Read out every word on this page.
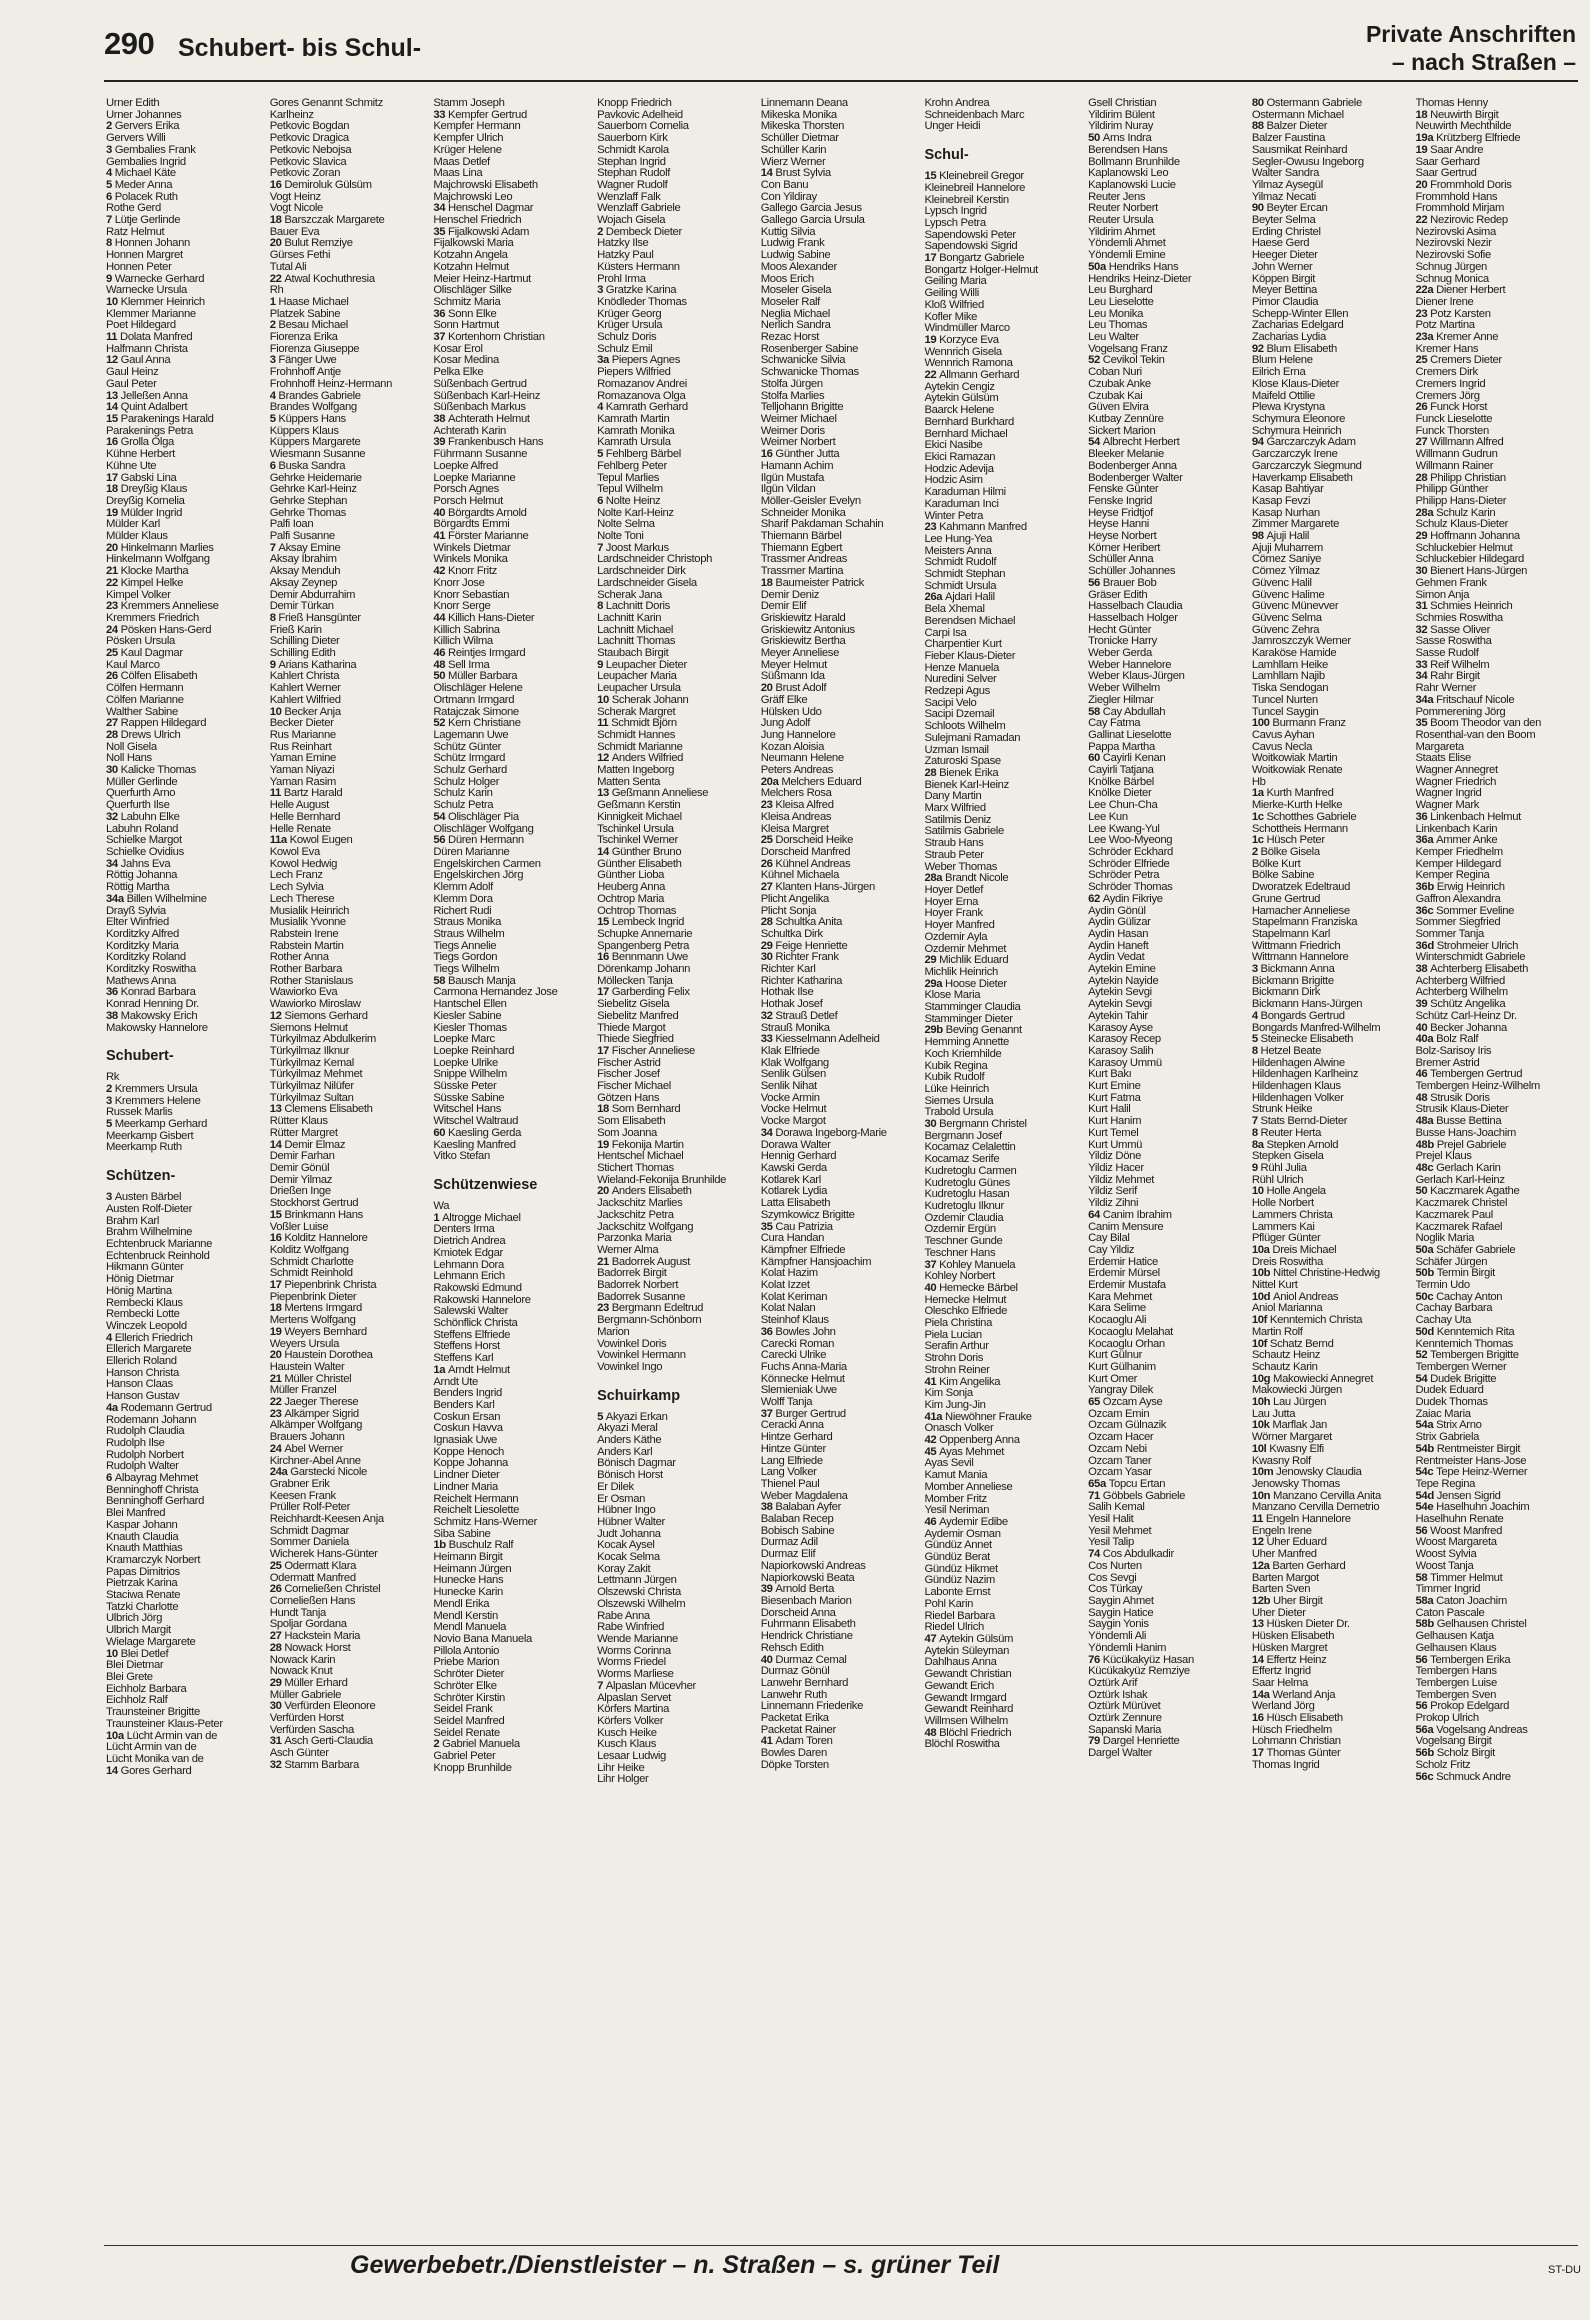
290 Schubert- bis Schul-	Private Anschriften
– nach Straßen –
Urner Edith
Urner Johannes
2 Gervers Erika
Gervers Willi
3 Gembalies Frank
Gembalies Ingrid
4 Michael Käte
5 Meder Anna
6 Polacek Ruth
Rothe Gerd
7 Lütje Gerlinde
Ratz Helmut
8 Honnen Johann
Honnen Margret
Honnen Peter
9 Warnecke Gerhard
Warnecke Ursula
10 Klemmer Heinrich
Klemmer Marianne
Poet Hildegard
11 Dolata Manfred
Halfmann Christa
12 Gaul Anna
Gaul Heinz
Gaul Peter
13 Jelleßen Anna
14 Quint Adalbert
15 Parakenings Harald
Parakenings Petra
16 Grolla Olga
Kühne Herbert
Kühne Ute
17 Gabski Lina
18 Dreyßig Klaus
Dreyßig Kornelia
19 Mülder Ingrid
Mülder Karl
Mülder Klaus
20 Hinkelmann Marlies
Hinkelmann Wolfgang
21 Klocke Martha
22 Kimpel Helke
Kimpel Volker
23 Kremmers Anneliese
Kremmers Friedrich
24 Pösken Hans-Gerd
Pösken Ursula
25 Kaul Dagmar
Kaul Marco
26 Cölfen Elisabeth
Cölfen Hermann
Cölfen Marianne
Walther Sabine
27 Rappen Hildegard
28 Drews Ulrich
Noll Gisela
Noll Hans
30 Kalicke Thomas
Müller Gerlinde
Querfurth Arno
Querfurth Ilse
32 Labuhn Elke
Labuhn Roland
Schielke Margot
Schielke Ovidius
34 Jahns Eva
Röttig Johanna
Röttig Martha
34a Billen Wilhelmine
Drayß Sylvia
Elter Winfried
Korditzky Alfred
Korditzky Maria
Korditzky Roland
Korditzky Roswitha
Mathews Anna
36 Konrad Barbara
Konrad Henning Dr.
38 Makowsky Erich
Makowsky Hannelore
Schubert-
Rk
2 Kremmers Ursula
3 Kremmers Helene
Russek Marlis
5 Meerkamp Gerhard
Meerkamp Gisbert
Meerkamp Ruth
Schützen-
3 Austen Bärbel
Austen Rolf-Dieter
Brahm Karl
Brahm Wilhelmine
Echtenbruck Marianne
Echtenbruck Reinhold
Hikmann Günter
Hönig Dietmar
Hönig Martina
Rembecki Klaus
Rembecki Lotte
Winczek Leopold
4 Ellerich Friedrich
Ellerich Margarete
Ellerich Roland
Hanson Christa
Hanson Claas
Hanson Gustav
4a Rodemann Gertrud
Rodemann Johann
Rudolph Claudia
Rudolph Ilse
Rudolph Norbert
Rudolph Walter
6 Albayrag Mehmet
Benninghoff Christa
Benninghoff Gerhard
Blei Manfred
Kaspar Johann
Knauth Claudia
Knauth Matthias
Kramarczyk Norbert
Papas Dimitrios
Pietrzak Karina
Staciwa Renate
Tatzki Charlotte
Ulbrich Jörg
Ulbrich Margit
Wielage Margarete
10 Blei Detlef
Blei Dietmar
Blei Grete
Eichholz Barbara
Eichholz Ralf
Traunsteiner Brigitte
Traunsteiner Klaus-Peter
10a Lücht Armin van de
Lücht Armin van de
Lücht Monika van de
14 Gores Gerhard
Gores Genannt Schmitz
Karlheinz
Petkovic Bogdan
Petkovic Dragica
Petkovic Nebojsa
Petkovic Slavica
Petkovic Zoran
16 Demiroluk Gülsüm
Vogt Heinz
Vogt Nicole
18 Barszczak Margarete
Bauer Eva
20 Bulut Remziye
Gürses Fethi
Tutal Ali
22 Atwal Kochuthresia
Rh
1 Haase Michael
Platzek Sabine
2 Besau Michael
Fiorenza Erika
Fiorenza Giuseppe
3 Fänger Uwe
Frohnhoff Antje
Frohnhoff Heinz-Hermann
4 Brandes Gabriele
Brandes Wolfgang
5 Küppers Hans
Küppers Klaus
Küppers Margarete
Wiesmann Susanne
6 Buska Sandra
Gehrke Heidemarie
Gehrke Karl-Heinz
Gehrke Stephan
Gehrke Thomas
Palfi Ioan
Palfi Susanne
7 Aksay Emine
Aksay Ibrahim
Aksay Menduh
Aksay Zeynep
Demir Abdurrahim
Demir Türkan
8 Frieß Hansgünter
Frieß Karin
Schilling Dieter
Schilling Edith
9 Arians Katharina
Kahlert Christa
Kahlert Werner
Kahlert Wilfried
10 Becker Anja
Becker Dieter
Rus Marianne
Rus Reinhart
Yaman Emine
Yaman Niyazi
Yaman Rasim
11 Bartz Harald
Helle August
Helle Bernhard
Helle Renate
11a Kowol Eugen
Kowol Eva
Kowol Hedwig
Lech Franz
Lech Sylvia
Lech Therese
Musialik Heinrich
Musialik Yvonne
Rabstein Irene
Rabstein Martin
Rother Anna
Rother Barbara
Rother Stanislaus
Wawiorko Eva
Wawiorko Miroslaw
12 Siemons Gerhard
Siemons Helmut
Türkyilmaz Abdulkerim
Türkyilmaz Ilknur
Türkyilmaz Kemal
Türkyilmaz Mehmet
Türkyilmaz Nilüfer
Türkyilmaz Sultan
13 Clemens Elisabeth
Rütter Klaus
Rütter Margret
14 Demir Elmaz
Demir Farhan
Demir Gönül
Demir Yilmaz
Drießen Inge
Stockhorst Gertrud
15 Brinkmann Hans
Voßler Luise
16 Kolditz Hannelore
Kolditz Wolfgang
Schmidt Charlotte
Schmidt Reinhold
17 Piepenbrink Christa
Piepenbrink Dieter
18 Mertens Irmgard
Mertens Wolfgang
19 Weyers Bernhard
Weyers Ursula
20 Haustein Dorothea
Haustein Walter
21 Müller Christel
Müller Franzel
22 Jaeger Therese
23 Alkämper Sigrid
Alkämper Wolfgang
Brauers Johann
24 Abel Werner
Kirchner-Abel Anne
24a Garstecki Nicole
Grabner Erik
Keesen Frank
Prüller Rolf-Peter
Reichhardt-Keesen Anja
Schmidt Dagmar
Sommer Daniela
Wicherek Hans-Günter
25 Odermatt Klara
Odermatt Manfred
26 Corneließen Christel
Corneließen Hans
Hundt Tanja
Spoljar Gordana
27 Hackstein Maria
28 Nowack Horst
Nowack Karin
Nowack Knut
29 Müller Erhard
Müller Gabriele
30 Verfürden Eleonore
Verfürden Horst
Verfürden Sascha
31 Asch Gerti-Claudia
Asch Günter
32 Stamm Barbara
Stamm Joseph
33 Kempfer Gertrud
Kempfer Hermann
Kempfer Ulrich
Krüger Helene
Maas Detlef
Maas Lina
Majchrowski Elisabeth
Majchrowski Leo
34 Henschel Dagmar
Henschel Friedrich
35 Fijalkowski Adam
Fijalkowski Maria
Kotzahn Angela
Kotzahn Helmut
Meier Heinz-Hartmut
Olischläger Silke
Schmitz Maria
36 Sonn Elke
Sonn Hartmut
37 Kortenhorn Christian
Kosar Erol
Kosar Medina
Pelka Elke
Süßenbach Gertrud
Süßenbach Karl-Heinz
Süßenbach Markus
38 Achterath Helmut
Achterath Karin
39 Frankenbusch Hans
Führmann Susanne
Loepke Alfred
Loepke Marianne
Porsch Agnes
Porsch Helmut
40 Börgardts Arnold
Börgardts Emmi
41 Förster Marianne
Winkels Dietmar
Winkels Monika
42 Knorr Fritz
Knorr Jose
Knorr Sebastian
Knorr Serge
44 Killich Hans-Dieter
Killich Sabrina
Killich Wilma
46 Reintjes Irmgard
48 Sell Irma
50 Müller Barbara
Olischläger Helene
Ortmann Irmgard
Ratajczak Simone
52 Kern Christiane
Lagemann Uwe
Schütz Günter
Schütz Irmgard
Schulz Gerhard
Schulz Holger
Schulz Karin
Schulz Petra
54 Olischläger Pia
Olischläger Wolfgang
56 Düren Hermann
Düren Marianne
Engelskirchen Carmen
Engelskirchen Jörg
Klemm Adolf
Klemm Dora
Richert Rudi
Straus Monika
Straus Wilhelm
Tiegs Annelie
Tiegs Gordon
Tiegs Wilhelm
58 Bausch Manja
Carmona Hernandez Jose
Hantschel Ellen
Kiesler Sabine
Kiesler Thomas
Loepke Marc
Loepke Reinhard
Loepke Ulrike
Snippe Wilhelm
Süsske Peter
Süsske Sabine
Witschel Hans
Witschel Waltraud
60 Kaesling Gerda
Kaesling Manfred
Vitko Stefan
Schützenwiese
Wa
1 Altrogge Michael
Denters Irma
Dietrich Andrea
Kmiotek Edgar
Lehmann Dora
Lehmann Erich
Rakowski Edmund
Rakowski Hannelore
Salewski Walter
Schönflick Christa
Steffens Elfriede
Steffens Horst
Steffens Karl
1a Arndt Helmut
Arndt Ute
Benders Ingrid
Benders Karl
Coskun Ersan
Coskun Havva
Ignasiak Uwe
Koppe Henoch
Koppe Johanna
Lindner Dieter
Lindner Maria
Reichelt Hermann
Reichelt Liesolette
Schmitz Hans-Werner
Siba Sabine
1b Buschulz Ralf
Heimann Birgit
Heimann Jürgen
Hunecke Hans
Hunecke Karin
Mendl Erika
Mendl Kerstin
Mendl Manuela
Novio Bana Manuela
Pillola Antonio
Priebe Marion
Schröter Dieter
Schröter Elke
Schröter Kirstin
Seidel Frank
Seidel Manfred
Seidel Renate
2 Gabriel Manuela
Gabriel Peter
Knopp Brunhilde
Knopp Friedrich
Pavkovic Adelheid
Sauerborn Cornelia
Sauerborn Kirk
Schmidt Karola
Stephan Ingrid
Stephan Rudolf
Wagner Rudolf
Wenzlaff Falk
Wenzlaff Gabriele
Wojach Gisela
2 Dembeck Dieter
Hatzky Ilse
Hatzky Paul
Küsters Hermann
Prohl Irma
3 Gratzke Karina
Knödleder Thomas
Krüger Georg
Krüger Ursula
Schulz Doris
Schulz Emil
3a Piepers Agnes
Piepers Wilfried
Romazanov Andrei
Romazanova Olga
4 Kamrath Gerhard
Kamrath Martin
Kamrath Monika
Kamrath Ursula
5 Fehlberg Bärbel
Fehlberg Peter
Tepul Marlies
Tepul Wilhelm
6 Nolte Heinz
Nolte Karl-Heinz
Nolte Selma
Nolte Toni
7 Joost Markus
Lardschneider Christoph
Lardschneider Dirk
Lardschneider Gisela
Scherak Jana
8 Lachnitt Doris
Lachnitt Karin
Lachnitt Michael
Lachnitt Thomas
Staubach Birgit
9 Leupacher Dieter
Leupacher Maria
Leupacher Ursula
10 Scherak Johann
Scherak Margret
11 Schmidt Björn
Schmidt Hannes
Schmidt Marianne
12 Anders Wilfried
Matten Ingeborg
Matten Senta
13 Geßmann Anneliese
Geßmann Kerstin
Kinnigkeit Michael
Tschinkel Ursula
Tschinkel Werner
14 Günther Bruno
Günther Elisabeth
Günther Lioba
Heuberg Anna
Ochtrop Maria
Ochtrop Thomas
15 Lembeck Ingrid
Schupke Annemarie
Spangenberg Petra
16 Bennmann Uwe
Dörenkamp Johann
Möllecken Tanja
17 Garberding Felix
Siebelitz Gisela
Siebelitz Manfred
Thiede Margot
Thiede Siegfried
17 Fischer Anneliese
Fischer Astrid
Fischer Josef
Fischer Michael
Götzen Hans
18 Som Bernhard
Som Elisabeth
Som Joanna
19 Fekonija Martin
Hentschel Michael
Stichert Thomas
Wieland-Fekonija Brunhilde
20 Anders Elisabeth
Jackschitz Marlies
Jackschitz Petra
Jackschitz Wolfgang
Parzonka Maria
Werner Alma
21 Badorrek August
Badorrek Birgit
Badorrek Norbert
Badorrek Susanne
23 Bergmann Edeltrud
Bergmann-Schönborn
Marion
Vowinkel Doris
Vowinkel Hermann
Vowinkel Ingo
Schuirkamp
5 Akyazi Erkan
Akyazi Meral
Anders Käthe
Anders Karl
Bönisch Dagmar
Bönisch Horst
Er Dilek
Er Osman
Hübner Ingo
Hübner Walter
Judt Johanna
Kocak Aysel
Kocak Selma
Koray Zakit
Lettmann Jürgen
Olszewski Christa
Olszewski Wilhelm
Rabe Anna
Rabe Winfried
Wende Marianne
Worms Corinna
Worms Friedel
Worms Marliese
7 Alpaslan Mücevher
Alpaslan Servet
Körfers Martina
Körfers Volker
Kusch Heike
Kusch Klaus
Lesaar Ludwig
Lihr Heike
Lihr Holger
Linnemann Deana
Mikeska Monika
Mikeska Thorsten
Schüller Dietmar
Schüller Karin
Wierz Werner
14 Brust Sylvia
Con Banu
Con Yildiray
Gallego Garcia Jesus
Gallego Garcia Ursula
Kuttig Silvia
Ludwig Frank
Ludwig Sabine
Moos Alexander
Moos Erich
Moseler Gisela
Moseler Ralf
Neglia Michael
Nerlich Sandra
Rezac Horst
Rosenberger Sabine
Schwanicke Silvia
Schwanicke Thomas
Stolfa Jürgen
Stolfa Marlies
Telljohann Brigitte
Weimer Michael
Weimer Doris
Weimer Norbert
16 Günther Jutta
Hamann Achim
Ilgün Mustafa
Ilgün Vildan
Möller-Geisler Evelyn
Schneider Monika
Sharif Pakdaman Schahin
Thiemann Bärbel
Thiemann Egbert
Trassmer Andreas
Trassmer Martina
18 Baumeister Patrick
Demir Deniz
Demir Elif
Griskiewitz Harald
Griskiewitz Antonius
Griskiewitz Bertha
Meyer Anneliese
Meyer Helmut
Süßmann Ida
20 Brust Adolf
Gräff Elke
Hülsken Udo
Jung Adolf
Jung Hannelore
Kozan Aloisia
Neumann Helene
Peters Andreas
20a Melchers Eduard
Melchers Rosa
23 Kleisa Alfred
Kleisa Andreas
Kleisa Margret
25 Dorscheid Heike
Dorscheid Manfred
26 Kühnel Andreas
Kühnel Michaela
27 Klanten Hans-Jürgen
Plicht Angelika
Plicht Sonja
28 Schultka Anita
Schultka Dirk
29 Feige Henriette
30 Richter Frank
Richter Karl
Richter Katharina
Hothak Ilse
Hothak Josef
32 Strauß Detlef
Strauß Monika
33 Kiesselmann Adelheid
Klak Elfriede
Klak Wolfgang
Senlik Gülsen
Senlik Nihat
Vocke Armin
Vocke Helmut
Vocke Margot
34 Dorawa Ingeborg-Marie
Dorawa Walter
Hennig Gerhard
Kawski Gerda
Kotlarek Karl
Kotlarek Lydia
Latta Elisabeth
Szymkowicz Brigitte
35 Cau Patrizia
Cura Handan
Kämpfner Elfriede
Kämpfner Hansjoachim
Kolat Hazim
Kolat Izzet
Kolat Keriman
Kolat Nalan
Steinhof Klaus
36 Bowles John
Carecki Roman
Carecki Ulrike
Fuchs Anna-Maria
Könnecke Helmut
Slemieniak Uwe
Wolff Tanja
37 Burger Gertrud
Ceracki Anna
Hintze Gerhard
Hintze Günter
Lang Elfriede
Lang Volker
Thienel Paul
Weber Magdalena
38 Balaban Ayfer
Balaban Recep
Bobisch Sabine
Durmaz Adil
Durmaz Elif
Napiorkowski Andreas
Napiorkowski Beata
39 Arnold Berta
Biesenbach Marion
Dorscheid Anna
Fuhrmann Elisabeth
Hendrick Christiane
Rehsch Edith
40 Durmaz Cemal
Durmaz Gönül
Lanwehr Bernhard
Lanwehr Ruth
Linnemann Friederike
Packetat Erika
Packetat Rainer
41 Adam Toren
Bowles Daren
Döpke Torsten
Krohn Andrea
Schneidenbach Marc
Unger Heidi
Schul-
15 Kleinebreil Gregor
Kleinebreil Hannelore
Kleinebreil Kerstin
Lypsch Ingrid
Lypsch Petra
Sapendowski Peter
Sapendowski Sigrid
17 Bongartz Gabriele
Bongartz Holger-Helmut
Geiling Maria
Geiling Willi
Kloß Wilfried
Kofler Mike
Windmüller Marco
19 Korzyce Eva
Wennrich Gisela
Wennrich Ramona
22 Allmann Gerhard
Aytekin Cengiz
Aytekin Gülsüm
Baarck Helene
Bernhard Burkhard
Bernhard Michael
Ekici Nasibe
Ekici Ramazan
Hodzic Adevija
Hodzic Asim
Karaduman Hilmi
Karaduman Inci
Winter Petra
23 Kahmann Manfred
Lee Hung-Yea
Meisters Anna
Schmidt Rudolf
Schmidt Stephan
Schmidt Ursula
26a Ajdari Halil
Bela Xhemal
Berendsen Michael
Carpi Isa
Charpentier Kurt
Fieber Klaus-Dieter
Henze Manuela
Nuredini Selver
Redzepi Agus
Sacipi Velo
Sacipi Dzemail
Schloots Wilhelm
Sulejmani Ramadan
Uzman Ismail
Zaturoski Spase
28 Bienek Erika
Bienek Karl-Heinz
Dany Martin
Marx Wilfried
Satilmis Deniz
Satilmis Gabriele
Straub Hans
Straub Peter
Weber Thomas
28a Brandt Nicole
Hoyer Detlef
Hoyer Erna
Hoyer Frank
Hoyer Manfred
Özdemir Ayla
Özdemir Mehmet
29 Michlik Eduard
Michlik Heinrich
29a Hoose Dieter
Klose Maria
Stamminger Claudia
Stamminger Dieter
29b Beving Genannt
Hemming Annette
Koch Kriemhilde
Kubik Regina
Kubik Rudolf
Lüke Heinrich
Siemes Ursula
Trabold Ursula
30 Bergmann Christel
Bergmann Josef
Kocamaz Celalettin
Kocamaz Serife
Kudretoglu Carmen
Kudretoglu Günes
Kudretoglu Hasan
Kudretoglu Ilknur
Özdemir Claudia
Özdemir Ergün
Teschner Gunde
Teschner Hans
37 Kohley Manuela
Kohley Norbert
40 Hemecke Bärbel
Hemecke Helmut
Oleschko Elfriede
Piela Christina
Piela Lucian
Serafin Arthur
Strohn Doris
Strohn Reiner
41 Kim Angelika
Kim Sonja
Kim Jung-Jin
41a Niewöhner Frauke
Onasch Volker
42 Oppenberg Anna
45 Ayas Mehmet
Ayas Sevil
Kamut Mania
Momber Anneliese
Momber Fritz
Yesil Neriman
46 Aydemir Edibe
Aydemir Osman
Gündüz Annet
Gündüz Berat
Gündüz Hikmet
Gündüz Nazim
Labonte Ernst
Pohl Karin
Riedel Barbara
Riedel Ulrich
47 Aytekin Gülsüm
Aytekin Süleyman
Dahlhaus Anna
Gewandt Christian
Gewandt Erich
Gewandt Irmgard
Gewandt Reinhard
Willmsen Wilhelm
48 Blöchl Friedrich
Blöchl Roswitha
Gsell Christian
Yildirim Bülent
Yildirim Nuray
50 Arns Indra
Berendsen Hans
Bollmann Brunhilde
Kaplanowski Leo
Kaplanowski Lucie
Reuter Jens
Reuter Norbert
Reuter Ursula
Yildirim Ahmet
Yöndemli Ahmet
Yöndemli Emine
50a Hendriks Hans
Hendriks Heinz-Dieter
Leu Burghard
Leu Lieselotte
Leu Monika
Leu Thomas
Leu Walter
Vogelsang Franz
52 Cevikol Tekin
Coban Nuri
Czubak Anke
Czubak Kai
Güven Elvira
Kutbay Zennüre
Sickert Marion
54 Albrecht Herbert
Bleeker Melanie
Bodenberger Anna
Bodenberger Walter
Fenske Günter
Fenske Ingrid
Heyse Fridtjof
Heyse Hanni
Heyse Norbert
Körner Heribert
Schüller Anna
Schüller Johannes
56 Brauer Bob
Gräser Edith
Hasselbach Claudia
Hasselbach Holger
Hecht Günter
Tronicke Harry
Weber Gerda
Weber Hannelore
Weber Klaus-Jürgen
Weber Wilhelm
Ziegler Hilmar
58 Cay Abdullah
Cay Fatma
Gallinat Lieselotte
Pappa Martha
60 Cayirli Kenan
Cayirli Tatjana
Knölke Bärbel
Knölke Dieter
Lee Chun-Cha
Lee Kun
Lee Kwang-Yul
Lee Woo-Myeong
Schröder Eckhard
Schröder Elfriede
Schröder Petra
Schröder Thomas
62 Aydin Fikriye
Aydin Gönül
Aydin Gülizar
Aydin Hasan
Aydin Haneft
Aydin Vedat
Aytekin Emine
Aytekin Nayide
Aytekin Sevgi
Aytekin Sevgi
Aytekin Tahir
Karasoy Ayse
Karasoy Recep
Karasoy Salih
Karasoy Ümmü
Kurt Bakı
Kurt Emine
Kurt Fatma
Kurt Halil
Kurt Hanim
Kurt Temel
Kurt Ümmü
Yildiz Döne
Yildiz Hacer
Yildiz Mehmet
Yildiz Serif
Yildiz Zihni
64 Canim Ibrahim
Canim Mensure
Cay Bilal
Cay Yildiz
Erdemir Hatice
Erdemir Mürsel
Erdemir Mustafa
Kara Mehmet
Kara Selime
Kocaoglu Ali
Kocaoglu Melahat
Kocaoglu Orhan
Kurt Gülnur
Kurt Gülhanim
Kurt Ömer
Yangray Dilek
65 Özcam Ayse
Özcam Emin
Özcam Gülnazik
Özcam Hacer
Özcam Nebi
Özcam Taner
Özcam Yasar
65a Topcu Ertan
71 Göbbels Gabriele
Salih Kemal
Yesil Halit
Yesil Mehmet
Yesil Talip
74 Cos Abdulkadir
Cos Nurten
Cos Sevgi
Cos Türkay
Saygin Ahmet
Saygin Hatice
Saygin Yonis
Yöndemli Ali
Yöndemli Hanim
76 Kücükakyüz Hasan
Kücükakyüz Remziye
Öztürk Arif
Öztürk Ishak
Öztürk Mürüvet
Öztürk Zennure
Sapanski Maria
79 Dargel Henriette
Dargel Walter
80 Ostermann Gabriele
Ostermann Michael
88 Balzer Dieter
Balzer Faustina
Sausmikat Reinhard
Segler-Owusu Ingeborg
Walter Sandra
Yilmaz Aysegül
Yilmaz Necati
90 Beyter Ercan
Beyter Selma
Erding Christel
Haese Gerd
Heeger Dieter
John Werner
Köppen Birgit
Meyer Bettina
Pimor Claudia
Schepp-Winter Ellen
Zacharias Edelgard
Zacharias Lydia
92 Blum Elisabeth
Blum Helene
Eilrich Erna
Klose Klaus-Dieter
Maifeld Ottilie
Plewa Krystyna
Schymura Eleonore
Schymura Heinrich
94 Garczarczyk Adam
Garczarczyk Irene
Garczarczyk Siegmund
Haverkamp Elisabeth
Kasap Bahtiyar
Kasap Fevzi
Kasap Nurhan
Zimmer Margarete
98 Ajuji Halil
Ajuji Muharrem
Cömez Saniye
Cömez Yilmaz
Güvenc Halil
Güvenc Halime
Güvenc Münevver
Güvenc Selma
Güvenc Zehra
Jamroszczyk Werner
Karaköse Hamide
Lamhllam Heike
Lamhllam Najib
Tiska Sendogan
Tuncel Nurten
Tuncel Saygin
100 Burmann Franz
Cavus Ayhan
Cavus Necla
Woitkowiak Martin
Woitkowiak Renate
Hb
1a Kurth Manfred
Mierke-Kurth Helke
1c Schotthes Gabriele
Schottheis Hermann
1c Hüsch Peter
2 Bölke Gisela
Bölke Kurt
Bölke Sabine
Dworatzek Edeltraud
Grune Gertrud
Hamacher Anneliese
Stapelmann Franziska
Stapelmann Karl
Wittmann Friedrich
Wittmann Hannelore
3 Bickmann Anna
Bickmann Brigitte
Bickmann Dirk
Bickmann Hans-Jürgen
4 Bongards Gertrud
Bongards Manfred-Wilhelm
5 Steinecke Elisabeth
8 Hetzel Beate
Hildenhagen Alwine
Hildenhagen Karlheinz
Hildenhagen Klaus
Hildenhagen Volker
Strunk Heike
7 Stats Bernd-Dieter
8 Reuter Herta
8a Stepken Arnold
Stepken Gisela
9 Rühl Julia
Rühl Ulrich
10 Holle Angela
Holle Norbert
Lammers Christa
Lammers Kai
Pflüger Günter
10a Dreis Michael
Dreis Roswitha
10b Nittel Christine-Hedwig
Nittel Kurt
10d Aniol Andreas
Aniol Marianna
10f Kenntemich Christa
Martin Rolf
10f Schatz Bernd
Schautz Heinz
Schautz Karin
10g Makowiecki Annegret
Makowiecki Jürgen
10h Lau Jürgen
Lau Jutta
10k Marflak Jan
Wörner Margaret
10l Kwasny Elfi
Kwasny Rolf
10m Jenowsky Claudia
Jenowsky Thomas
10n Manzano Cervilla Anita
Manzano Cervilla Demetrio
11 Engeln Hannelore
Engeln Irene
12 Uher Eduard
Uher Manfred
12a Barten Gerhard
Barten Margot
Barten Sven
12b Uher Birgit
Uher Dieter
13 Hüsken Dieter Dr.
Hüsken Elisabeth
Hüsken Margret
14 Effertz Heinz
Effertz Ingrid
Saar Helma
14a Werland Anja
Werland Jörg
16 Hüsch Elisabeth
Hüsch Friedhelm
Lohmann Christian
17 Thomas Günter
Thomas Ingrid
Thomas Henny
18 Neuwirth Birgit
Neuwirth Mechthilde
19a Krützberg Elfriede
19 Saar Andre
Saar Gerhard
Saar Gertrud
20 Frommhold Doris
Frommhold Hans
Frommhold Mirjam
22 Nezirovic Redep
Nezirovski Asima
Nezirovski Nezir
Nezirovski Sofie
Schnug Jürgen
Schnug Monica
22a Diener Herbert
Diener Irene
23 Potz Karsten
Potz Martina
23a Kremer Anne
Kremer Hans
25 Cremers Dieter
Cremers Dirk
Cremers Ingrid
Cremers Jörg
26 Funck Horst
Funck Lieselotte
Funck Thorsten
27 Willmann Alfred
Willmann Gudrun
Willmann Rainer
28 Philipp Christian
Philipp Günther
Philipp Hans-Dieter
28a Schulz Karin
Schulz Klaus-Dieter
29 Hoffmann Johanna
Schluckebier Helmut
Schluckebier Hildegard
30 Bienert Hans-Jürgen
Gehmen Frank
Simon Anja
31 Schmies Heinrich
Schmies Roswitha
32 Sasse Oliver
Sasse Roswitha
Sasse Rudolf
33 Reif Wilhelm
34 Rahr Birgit
Rahr Werner
34a Fritschauf Nicole
Pommerening Jörg
35 Boom Theodor van den
Rosenthal-van den Boom
Margareta
Staats Elise
Wagner Annegret
Wagner Friedrich
Wagner Ingrid
Wagner Mark
36 Linkenbach Helmut
Linkenbach Karin
36a Ammer Anke
Kemper Friedhelm
Kemper Hildegard
Kemper Regina
36b Erwig Heinrich
Gaffron Alexandra
36c Sommer Eveline
Sommer Siegfried
Sommer Tanja
36d Strohmeier Ulrich
Winterschmidt Gabriele
38 Achterberg Elisabeth
Achterberg Wilfried
Achterberg Wilhelm
39 Schütz Angelika
Schütz Carl-Heinz Dr.
40 Becker Johanna
40a Bolz Ralf
Bolz-Sarisoy Iris
Bremer Astrid
46 Tembergen Gertrud
Tembergen Heinz-Wilhelm
48 Strusik Doris
Strusik Klaus-Dieter
48a Busse Bettina
Busse Hans-Joachim
48b Prejel Gabriele
Prejel Klaus
48c Gerlach Karin
Gerlach Karl-Heinz
50 Kaczmarek Agathe
Kaczmarek Christel
Kaczmarek Paul
Kaczmarek Rafael
Noglik Maria
50a Schäfer Gabriele
Schäfer Jürgen
50b Termin Birgit
Termin Udo
50c Cachay Anton
Cachay Barbara
Cachay Uta
50d Kenntemich Rita
Kenntemich Thomas
52 Tembergen Brigitte
Tembergen Werner
54 Dudek Brigitte
Dudek Eduard
Dudek Thomas
Zaiac Maria
54a Strix Arno
Strix Gabriela
54b Rentmeister Birgit
Rentmeister Hans-Jose
54c Tepe Heinz-Werner
Tepe Regina
54d Jensen Sigrid
54e Haselhuhn Joachim
Haselhuhn Renate
56 Woost Manfred
Woost Margareta
Woost Sylvia
Woost Tanja
58 Timmer Helmut
Timmer Ingrid
58a Caton Joachim
Caton Pascale
58b Gelhausen Christel
Gelhausen Katja
Gelhausen Klaus
56 Tembergen Erika
Tembergen Hans
Tembergen Luise
Tembergen Sven
56 Prokop Edelgard
Prokop Ulrich
56a Vogelsang Andreas
Vogelsang Birgit
56b Scholz Birgit
Scholz Fritz
56c Schmuck Andre
Gewerbebetr./Dienstleister – n. Straßen – s. grüner Teil	ST-DU
